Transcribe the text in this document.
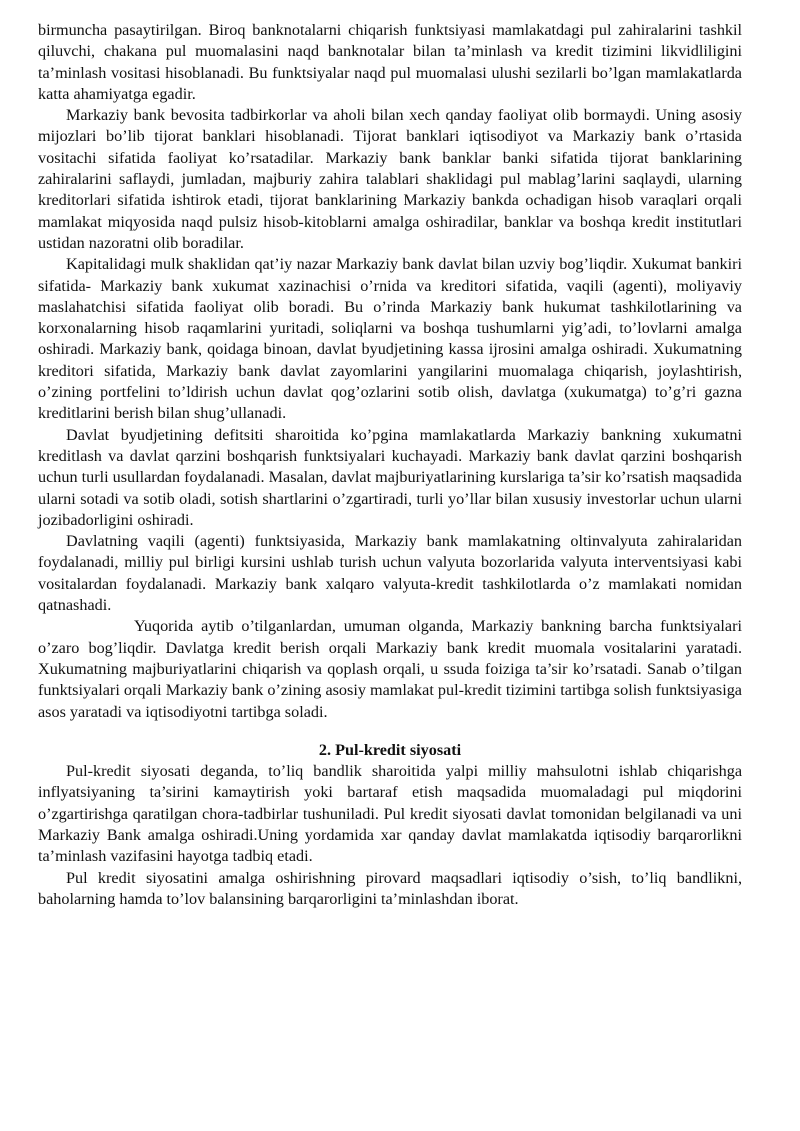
birmuncha pasaytirilgan. Biroq banknotalarni chiqarish funktsiyasi mamlakatdagi pul zahiralarini tashkil qiluvchi, chakana pul muomalasini naqd banknotalar bilan ta’minlash va kredit tizimini likvidliligini ta’minlash vositasi hisoblanadi. Bu funktsiyalar naqd pul muomalasi ulushi sezilarli bo’lgan mamlakatlarda katta ahamiyatga egadir.

Markaziy bank bevosita tadbirkorlar va aholi bilan xech qanday faoliyat olib bormaydi. Uning asosiy mijozlari bo’lib tijorat banklari hisoblanadi. Tijorat banklari iqtisodiyot va Markaziy bank o’rtasida vositachi sifatida faoliyat ko’rsatadilar. Markaziy bank banklar banki sifatida tijorat banklarining zahiralarini saflaydi, jumladan, majburiy zahira talablari shaklidagi pul mablag’larini saqlaydi, ularning kreditorlari sifatida ishtirok etadi, tijorat banklarining Markaziy bankda ochadigan hisob varaqlari orqali mamlakat miqyosida naqd pulsiz hisob-kitoblarni amalga oshiradilar, banklar va boshqa kredit institutlari ustidan nazoratni olib boradilar.

Kapitalidagi mulk shaklidan qat’iy nazar Markaziy bank davlat bilan uzviy bog’liqdir. Xukumat bankiri sifatida- Markaziy bank xukumat xazinachisi o’rnida va kreditori sifatida, vaqili (agenti), moliyaviy maslahatchisi sifatida faoliyat olib boradi. Bu o’rinda Markaziy bank hukumat tashkilotlarining va korxonalarning hisob raqamlarini yuritadi, soliqlarni va boshqa tushumlarni yig’adi, to’lovlarni amalga oshiradi. Markaziy bank, qoidaga binoan, davlat byudjetining kassa ijrosini amalga oshiradi. Xukumatning kreditori sifatida, Markaziy bank davlat zayomlarini yangilarini muomalaga chiqarish, joylashtirish, o’zining portfelini to’ldirish uchun davlat qog’ozlarini sotib olish, davlatga (xukumatga) to’g’ri gazna kreditlarini berish bilan shug’ullanadi.

Davlat byudjetining defitsiti sharoitida ko’pgina mamlakatlarda Markaziy bankning xukumatni kreditlash va davlat qarzini boshqarish funktsiyalari kuchayadi. Markaziy bank davlat qarzini boshqarish uchun turli usullardan foydalanadi. Masalan, davlat majburiyatlarining kurslariga ta’sir ko’rsatish maqsadida ularni sotadi va sotib oladi, sotish shartlarini o’zgartiradi, turli yo’llar bilan xususiy investorlar uchun ularni jozibadorligini oshiradi.

Davlatning vaqili (agenti) funktsiyasida, Markaziy bank mamlakatning oltinvalyuta zahiralaridan foydalanadi, milliy pul birligi kursini ushlab turish uchun valyuta bozorlarida valyuta interventsiyasi kabi vositalardan foydalanadi. Markaziy bank xalqaro valyuta-kredit tashkilotlarda o’z mamlakati nomidan qatnashadi.

Yuqorida aytib o’tilganlardan, umuman olganda, Markaziy bankning barcha funktsiyalari o’zaro bog’liqdir. Davlatga kredit berish orqali Markaziy bank kredit muomala vositalarini yaratadi. Xukumatning majburiyatlarini chiqarish va qoplash orqali, u ssuda foiziga ta’sir ko’rsatadi. Sanab o’tilgan funktsiyalari orqali Markaziy bank o’zining asosiy mamlakat pul-kredit tizimini tartibga solish funktsiyasiga asos yaratadi va iqtisodiyotni tartibga soladi.

2. Pul-kredit siyosati

Pul-kredit siyosati deganda, to’liq bandlik sharoitida yalpi milliy mahsulotni ishlab chiqarishga inflyatsiyaning ta’sirini kamaytirish yoki bartaraf etish maqsadida muomaladagi pul miqdorini o’zgartirishga qaratilgan chora-tadbirlar tushuniladi. Pul kredit siyosati davlat tomonidan belgilanadi va uni Markaziy Bank amalga oshiradi.Uning yordamida xar qanday davlat mamlakatda iqtisodiy barqarorlikni ta’minlash vazifasini hayotga tadbiq etadi.

Pul kredit siyosatini amalga oshirishning pirovard maqsadlari iqtisodiy o’sish, to’liq bandlikni, baholarning hamda to’lov balansining barqarorligini ta’minlashdan iborat.
